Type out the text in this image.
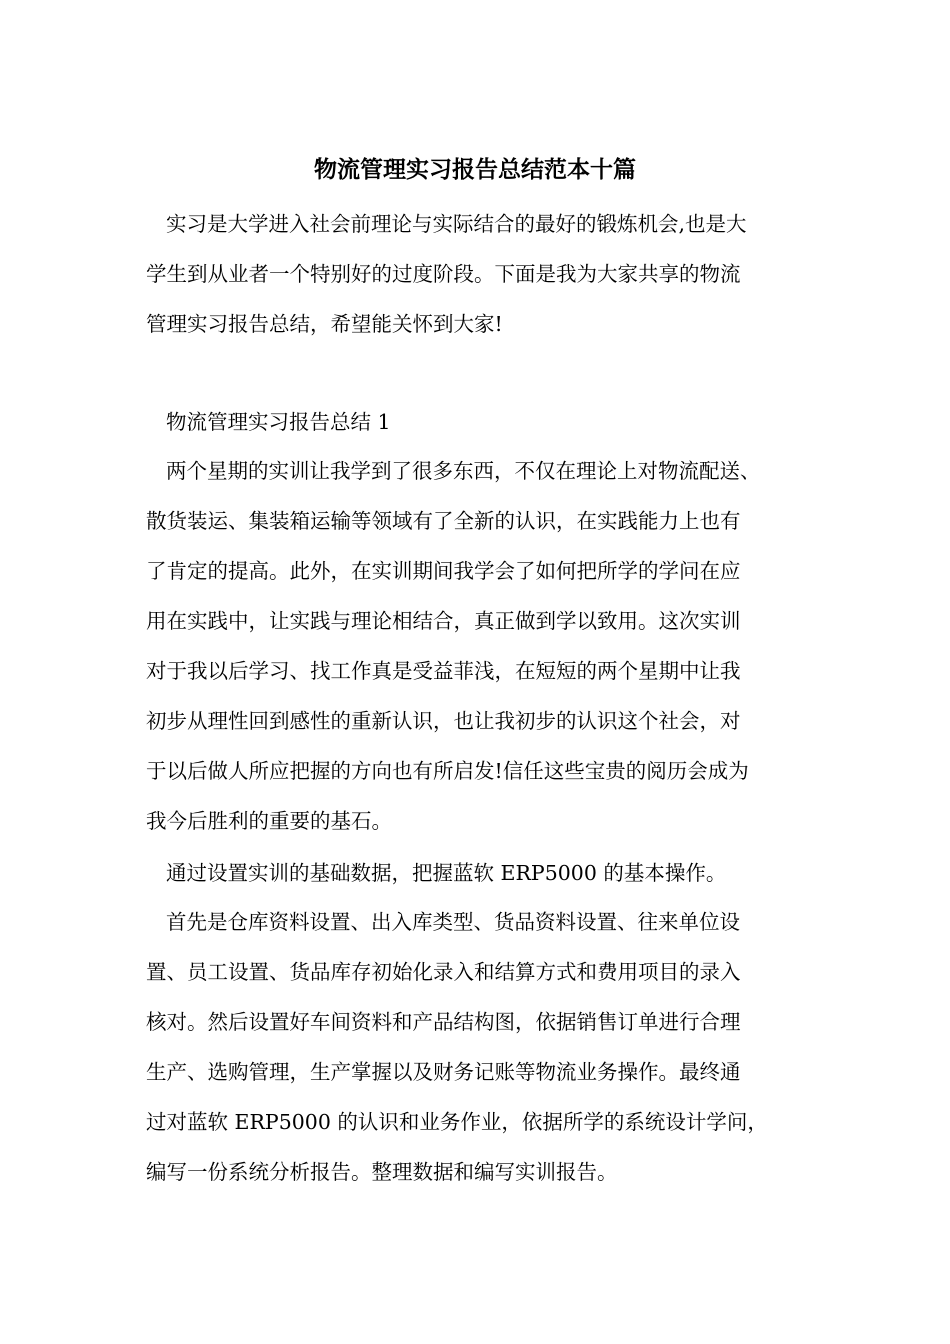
物流管理实习报告总结范本十篇
实习是大学进入社会前理论与实际结合的最好的锻炼机会,也是大
学生到从业者一个特别好的过度阶段。下面是我为大家共享的物流
管理实习报告总结，希望能关怀到大家!
物流管理实习报告总结 1
两个星期的实训让我学到了很多东西，不仅在理论上对物流配送、
散货装运、集装箱运输等领域有了全新的认识，在实践能力上也有
了肯定的提高。此外，在实训期间我学会了如何把所学的学问在应
用在实践中，让实践与理论相结合，真正做到学以致用。这次实训
对于我以后学习、找工作真是受益菲浅，在短短的两个星期中让我
初步从理性回到感性的重新认识，也让我初步的认识这个社会，对
于以后做人所应把握的方向也有所启发!信任这些宝贵的阅历会成为
我今后胜利的重要的基石。
通过设置实训的基础数据，把握蓝软 ERP5000 的基本操作。
首先是仓库资料设置、出入库类型、货品资料设置、往来单位设
置、员工设置、货品库存初始化录入和结算方式和费用项目的录入
核对。然后设置好车间资料和产品结构图，依据销售订单进行合理
生产、选购管理，生产掌握以及财务记账等物流业务操作。最终通
过对蓝软 ERP5000 的认识和业务作业，依据所学的系统设计学问，
编写一份系统分析报告。整理数据和编写实训报告。
